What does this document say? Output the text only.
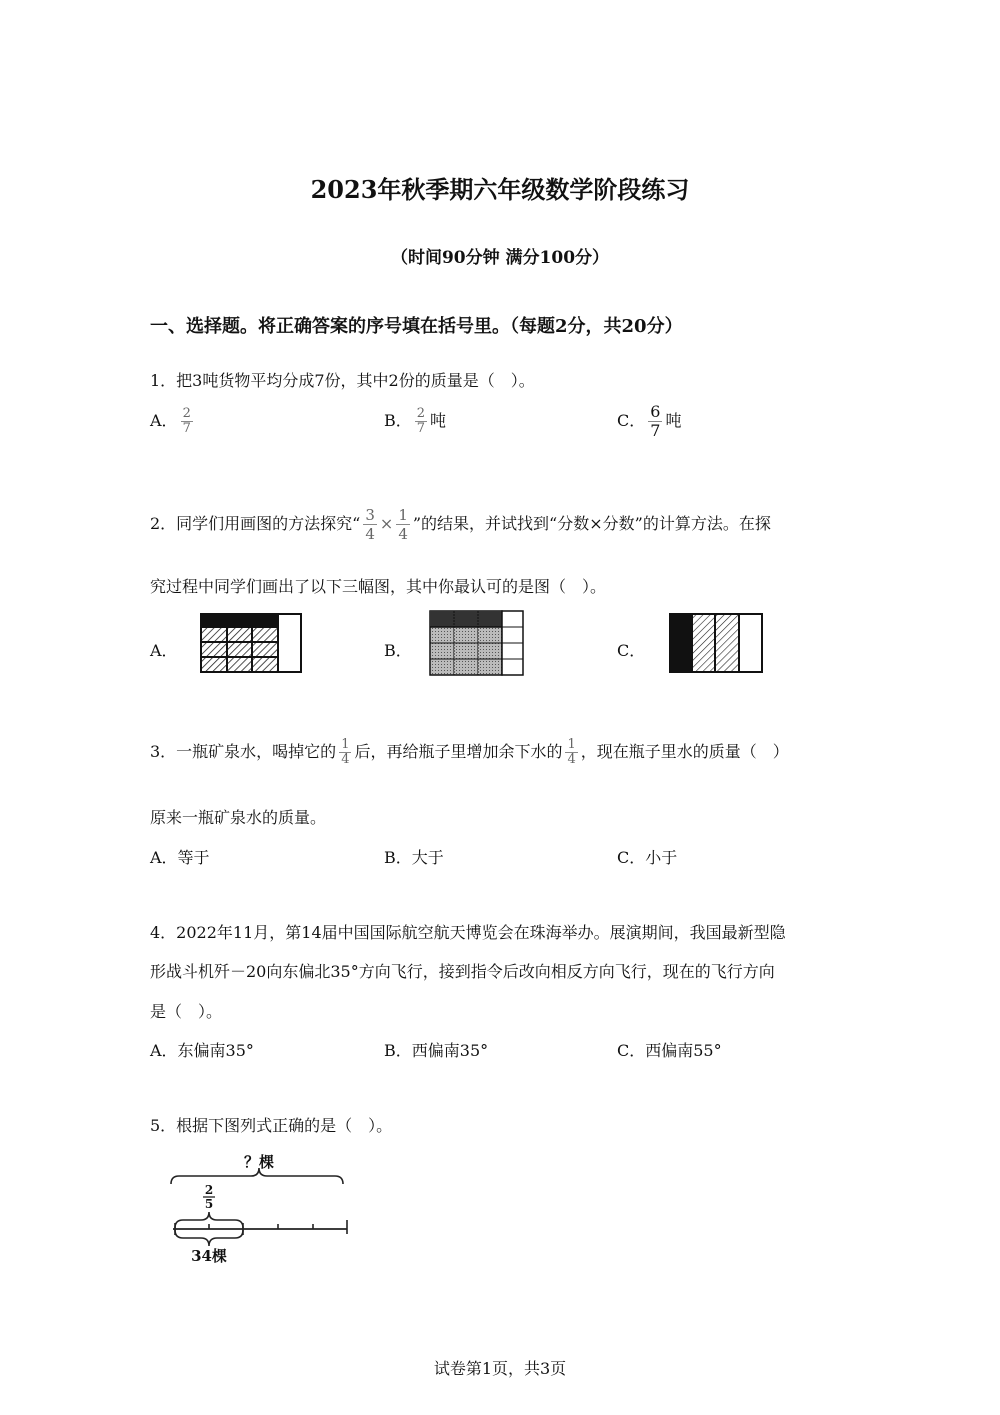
2023年秋季期六年级数学阶段练习
（时间90分钟 满分100分）
一、选择题。将正确答案的序号填在括号里。（每题2分，共20分）
1．把3吨货物平均分成7份，其中2份的质量是（　）。
A． $\frac{2}{7}$	B． $\frac{2}{7}$ 吨	C． $\frac{6}{7}$ 吨
2．同学们用画图的方法探究“ $\frac{3}{4} \times \frac{1}{4}$ ”的结果，并试找到“分数×分数”的计算方法。在探
究过程中同学们画出了以下三幅图，其中你最认可的是图（　）。
A．	B．	C．
3．一瓶矿泉水，喝掉它的 $\frac{1}{4}$ 后，再给瓶子里增加余下水的 $\frac{1}{4}$ ，现在瓶子里水的质量（　）
原来一瓶矿泉水的质量。
A．等于	B．大于	C．小于
4．2022年11月，第14届中国国际航空航天博览会在珠海举办。展演期间，我国最新型隐
形战斗机歼－20向东偏北35°方向飞行，接到指令后改向相反方向飞行，现在的飞行方向
是（　）。
A．东偏南35°	B．西偏南35°	C．西偏南55°
5．根据下图列式正确的是（　）。
？棵
2
5
34棵
试卷第1页，共3页
